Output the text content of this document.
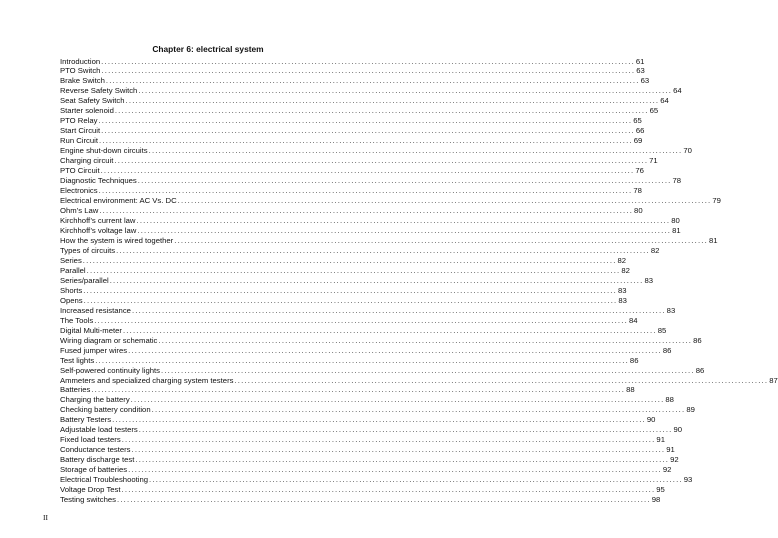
Chapter 6: electrical system
Introduction ................................................................................................................................................................ 61
PTO Switch ................................................................................................................................................................ 63
Brake Switch ................................................................................................................................................................ 63
Reverse Safety Switch ................................................................................................................................................................ 64
Seat Safety Switch ................................................................................................................................................................ 64
Starter solenoid ................................................................................................................................................................ 65
PTO Relay ................................................................................................................................................................ 65
Start Circuit ................................................................................................................................................................ 66
Run Circuit ................................................................................................................................................................ 69
Engine shut-down circuits ................................................................................................................................................................ 70
Charging circuit ................................................................................................................................................................ 71
PTO Circuit ................................................................................................................................................................ 76
Diagnostic Techniques ................................................................................................................................................................ 78
Electronics ................................................................................................................................................................ 78
Electrical environment: AC Vs. DC ................................................................................................................................................................ 79
Ohm’s Law ................................................................................................................................................................ 80
Kirchhoff’s current law ................................................................................................................................................................ 80
Kirchhoff’s voltage law ................................................................................................................................................................ 81
How the system is wired together ................................................................................................................................................................ 81
Types of circuits ................................................................................................................................................................ 82
Series ................................................................................................................................................................ 82
Parallel ................................................................................................................................................................ 82
Series/parallel ................................................................................................................................................................ 83
Shorts ................................................................................................................................................................ 83
Opens ................................................................................................................................................................ 83
Increased resistance ................................................................................................................................................................ 83
The Tools ................................................................................................................................................................ 84
Digital Multi-meter ................................................................................................................................................................ 85
Wiring diagram or schematic ................................................................................................................................................................ 86
Fused jumper wires ................................................................................................................................................................ 86
Test lights ................................................................................................................................................................ 86
Self-powered continuity lights ................................................................................................................................................................ 86
Ammeters and specialized charging system testers ................................................................................................................................................................ 87
Batteries ................................................................................................................................................................ 88
Charging the battery ................................................................................................................................................................ 88
Checking battery condition ................................................................................................................................................................ 89
Battery Testers ................................................................................................................................................................ 90
Adjustable load testers ................................................................................................................................................................ 90
Fixed load testers ................................................................................................................................................................ 91
Conductance testers ................................................................................................................................................................ 91
Battery discharge test ................................................................................................................................................................ 92
Storage of batteries ................................................................................................................................................................ 92
Electrical Troubleshooting ................................................................................................................................................................ 93
Voltage Drop Test ................................................................................................................................................................ 95
Testing switches ................................................................................................................................................................ 98
II
